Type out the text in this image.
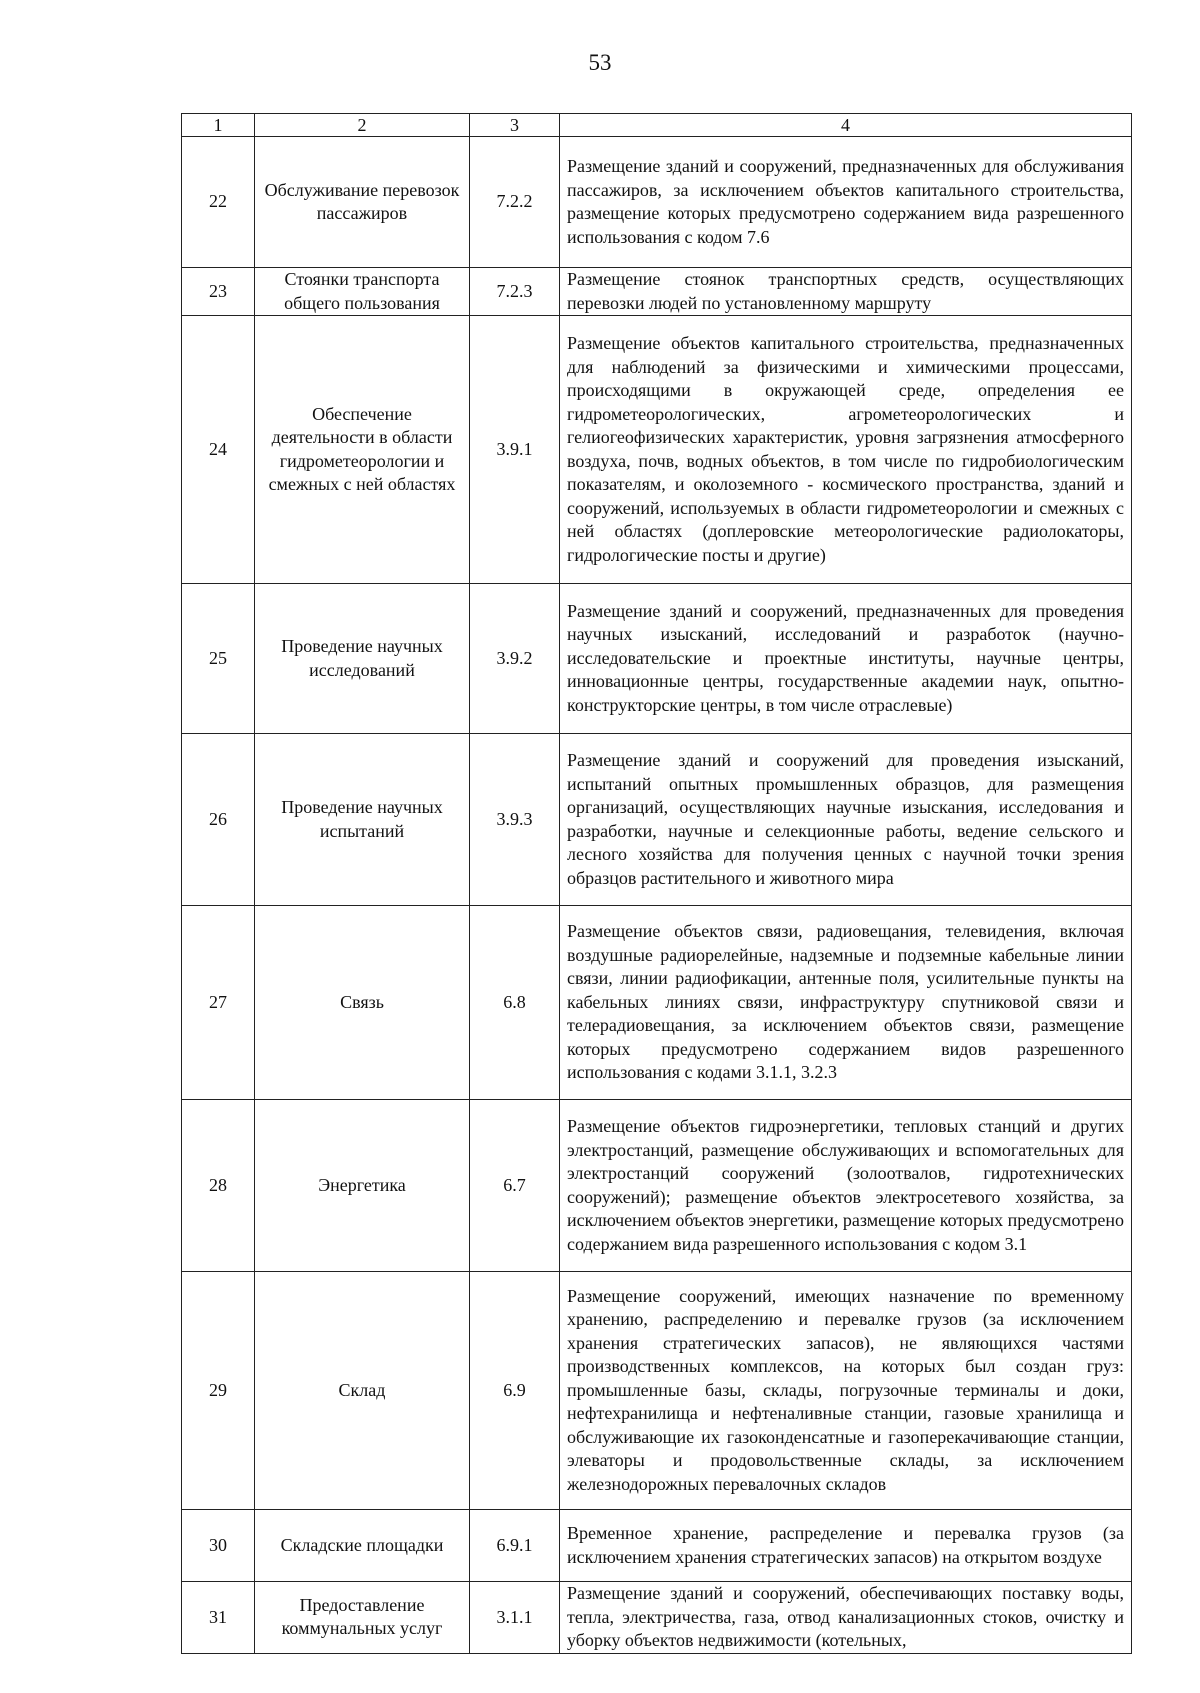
53
1	2	3	4
22	Обслуживание перевозок пассажиров	7.2.2	Размещение зданий и сооружений, предназначенных для обслуживания пассажиров, за исключением объектов капитального строительства, размещение которых предусмотрено содержанием вида разрешенного использования с кодом 7.6
23	Стоянки транспорта общего пользования	7.2.3	Размещение стоянок транспортных средств, осуществляющих перевозки людей по установленному маршруту
24	Обеспечение деятельности в области гидрометеорологии и смежных с ней областях	3.9.1	Размещение объектов капитального строительства, предназначенных для наблюдений за физическими и химическими процессами, происходящими в окружающей среде, определения ее гидрометеорологических, агрометеорологических и гелиогеофизических характеристик, уровня загрязнения атмосферного воздуха, почв, водных объектов, в том числе по гидробиологическим показателям, и околоземного - космического пространства, зданий и сооружений, используемых в области гидрометеорологии и смежных с ней областях (доплеровские метеорологические радиолокаторы, гидрологические посты и другие)
25	Проведение научных исследований	3.9.2	Размещение зданий и сооружений, предназначенных для проведения научных изысканий, исследований и разработок (научно-исследовательские и проектные институты, научные центры, инновационные центры, государственные академии наук, опытно-конструкторские центры, в том числе отраслевые)
26	Проведение научных испытаний	3.9.3	Размещение зданий и сооружений для проведения изысканий, испытаний опытных промышленных образцов, для размещения организаций, осуществляющих научные изыскания, исследования и разработки, научные и селекционные работы, ведение сельского и лесного хозяйства для получения ценных с научной точки зрения образцов растительного и животного мира
27	Связь	6.8	Размещение объектов связи, радиовещания, телевидения, включая воздушные радиорелейные, надземные и подземные кабельные линии связи, линии радиофикации, антенные поля, усилительные пункты на кабельных линиях связи, инфраструктуру спутниковой связи и телерадиовещания, за исключением объектов связи, размещение которых предусмотрено содержанием видов разрешенного использования с кодами 3.1.1, 3.2.3
28	Энергетика	6.7	Размещение объектов гидроэнергетики, тепловых станций и других электростанций, размещение обслуживающих и вспомогательных для электростанций сооружений (золоотвалов, гидротехнических сооружений); размещение объектов электросетевого хозяйства, за исключением объектов энергетики, размещение которых предусмотрено содержанием вида разрешенного использования с кодом 3.1
29	Склад	6.9	Размещение сооружений, имеющих назначение по временному хранению, распределению и перевалке грузов (за исключением хранения стратегических запасов), не являющихся частями производственных комплексов, на которых был создан груз: промышленные базы, склады, погрузочные терминалы и доки, нефтехранилища и нефтеналивные станции, газовые хранилища и обслуживающие их газоконденсатные и газоперекачивающие станции, элеваторы и продовольственные склады, за исключением железнодорожных перевалочных складов
30	Складские площадки	6.9.1	Временное хранение, распределение и перевалка грузов (за исключением хранения стратегических запасов) на открытом воздухе
31	Предоставление коммунальных услуг	3.1.1	Размещение зданий и сооружений, обеспечивающих поставку воды, тепла, электричества, газа, отвод канализационных стоков, очистку и уборку объектов недвижимости (котельных,
